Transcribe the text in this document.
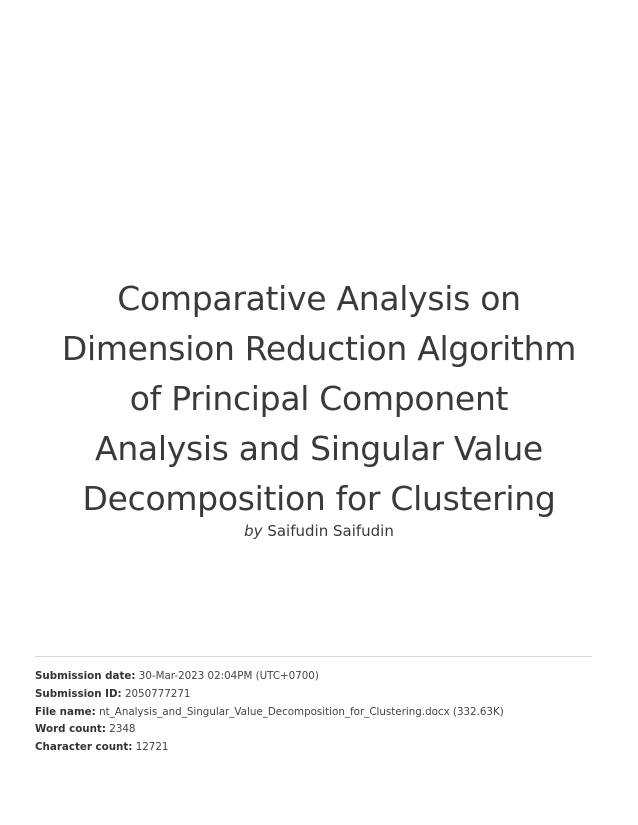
Comparative Analysis on
Dimension Reduction Algorithm
of Principal Component
Analysis and Singular Value
Decomposition for Clustering
by Saifudin Saifudin
Submission date: 30-Mar-2023 02:04PM (UTC+0700)
Submission ID: 2050777271
File name: nt_Analysis_and_Singular_Value_Decomposition_for_Clustering.docx (332.63K)
Word count: 2348
Character count: 12721
